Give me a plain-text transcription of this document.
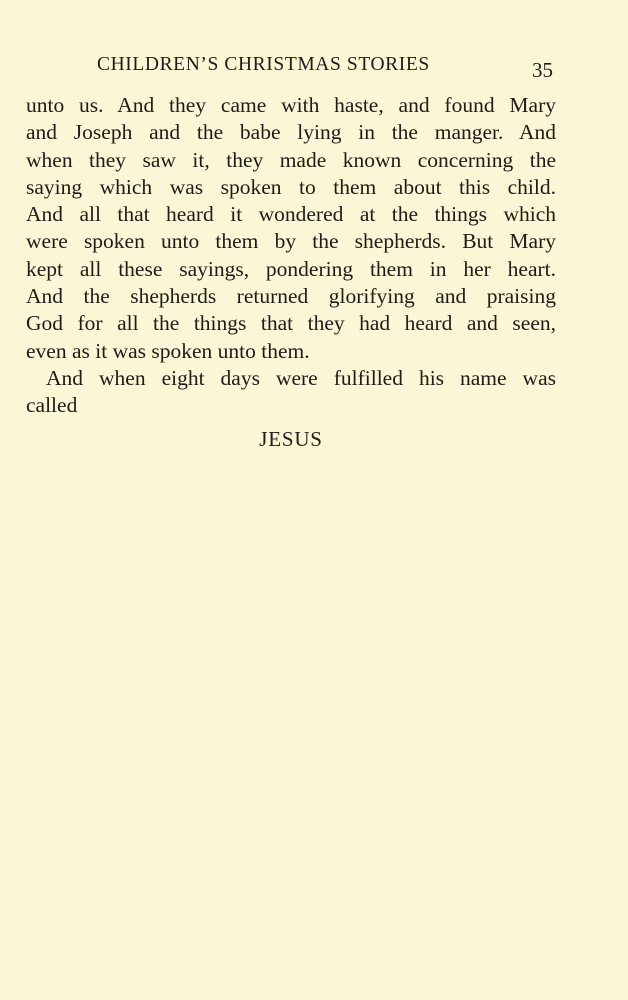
CHILDREN’S CHRISTMAS STORIES	35
unto us. And they came with haste, and found Mary
and Joseph and the babe lying in the manger. And
when they saw it, they made known concerning the
saying which was spoken to them about this child.
And all that heard it wondered at the things which
were spoken unto them by the shepherds. But Mary
kept all these sayings, pondering them in her heart.
And the shepherds returned glorifying and praising
God for all the things that they had heard and seen,
even as it was spoken unto them.
And when eight days were fulfilled his name was
called
JESUS
